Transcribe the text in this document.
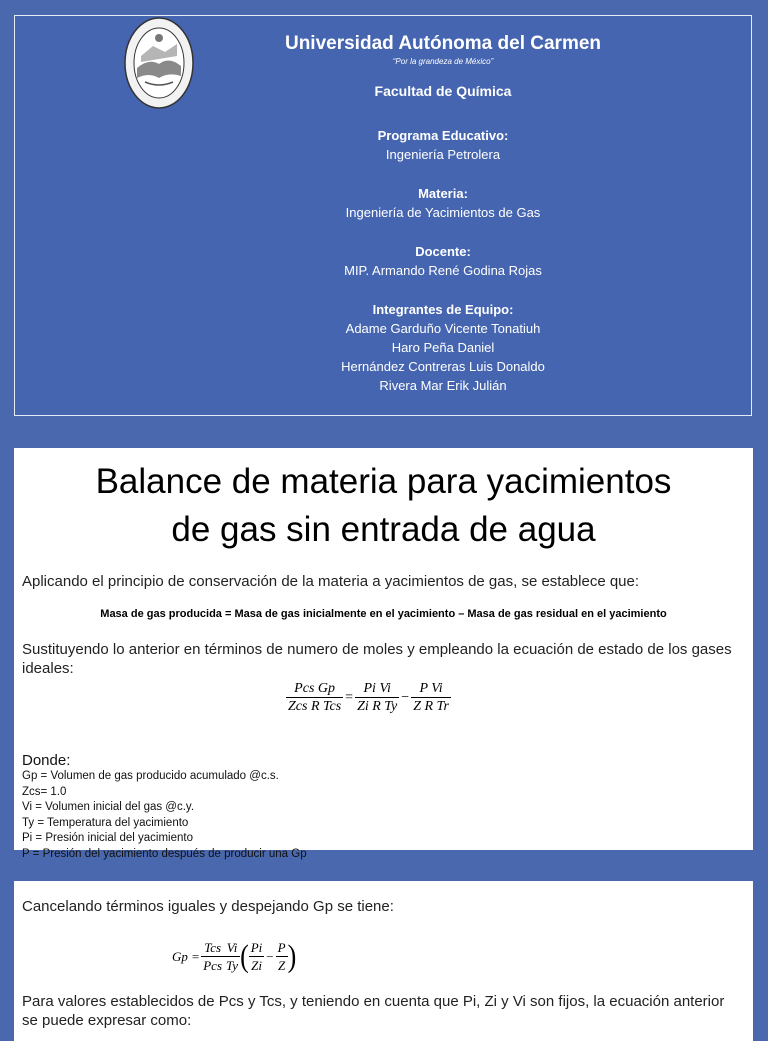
Universidad Autónoma del Carmen
“Por la grandeza de México”
Facultad de Química
Programa Educativo:
Ingeniería Petrolera
Materia:
Ingeniería de Yacimientos de Gas
Docente:
MIP. Armando René Godina Rojas
Integrantes de Equipo:
Adame Garduño Vicente Tonatiuh
Haro Peña Daniel
Hernández Contreras Luis Donaldo
Rivera Mar Erik Julián
Balance de materia para yacimientos
de gas sin entrada de agua
Aplicando el principio de conservación de la materia a yacimientos de gas, se establece que:
Masa de gas producida = Masa de gas inicialmente en el yacimiento – Masa de gas residual en el yacimiento
Sustituyendo lo anterior en términos de numero de moles y empleando la ecuación de estado de los gases ideales:
$\frac{\text{Pcs Gp}}{\text{Zcs R Tcs}} = \frac{\text{Pi Vi}}{\text{Zi R Ty}} - \frac{\text{P Vi}}{\text{Z R Tr}}$
Donde:
Gp = Volumen de gas producido acumulado @c.s.
Zcs= 1.0
Vi = Volumen inicial del gas @c.y.
Ty = Temperatura del yacimiento
Pi = Presión inicial del yacimiento
P = Presión del yacimiento después de producir una Gp
Cancelando términos iguales y despejando Gp se tiene:
$Gp = \frac{\text{Tcs}}{\text{Pcs}} \frac{Vi}{Ty}$ ( $\frac{Pi}{Zi} - \frac{P}{Z}$ )
Para valores establecidos de Pcs y Tcs, y teniendo en cuenta que Pi, Zi y Vi son fijos, la ecuación anterior se puede expresar como:
